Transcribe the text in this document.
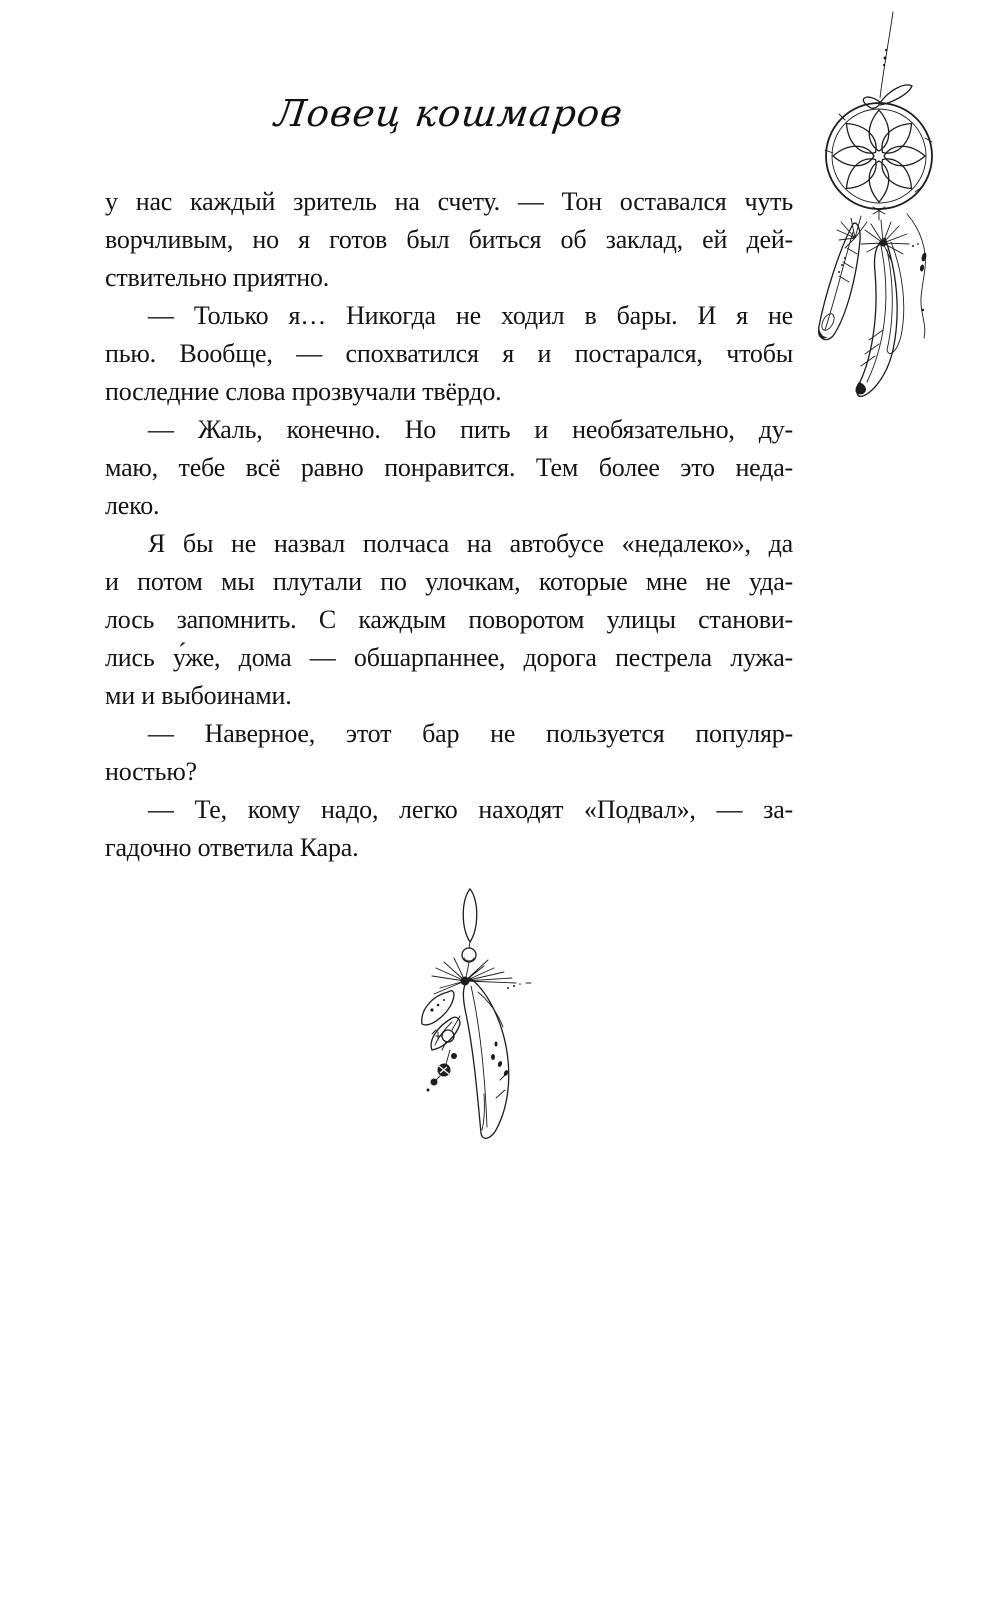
Ловец кошмаров
у нас каждый зритель на счету. — Тон оставался чуть
ворчливым, но я готов был биться об заклад, ей дей-
ствительно приятно.
— Только я… Никогда не ходил в бары. И я не
пью. Вообще, — спохватился я и постарался, чтобы
последние слова прозвучали твёрдо.
— Жаль, конечно. Но пить и необязательно, ду-
маю, тебе всё равно понравится. Тем более это неда-
леко.
Я бы не назвал полчаса на автобусе «недалеко», да
и потом мы плутали по улочкам, которые мне не уда-
лось запомнить. С каждым поворотом улицы станови-
лись у́же, дома — обшарпаннее, дорога пестрела лужа-
ми и выбоинами.
— Наверное, этот бар не пользуется популяр-
ностью?
— Те, кому надо, легко находят «Подвал», — за-
гадочно ответила Кара.
